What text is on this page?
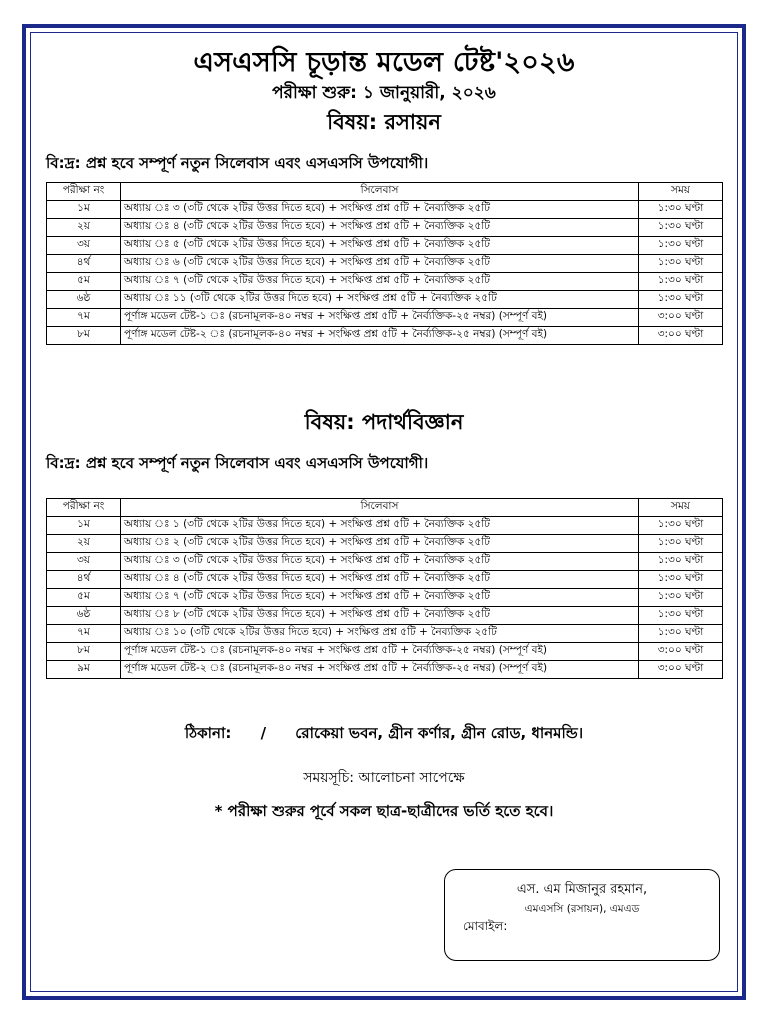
এসএসসি চূড়ান্ত মডেল টেষ্ট'২০২৬
পরীক্ষা শুরু: ১ জানুয়ারী, ২০২৬
বিষয়: রসায়ন
বি:দ্র: প্রশ্ন হবে সম্পূর্ণ নতুন সিলেবাস এবং এসএসসি উপযোগী।
পরীক্ষা নং	সিলেবাস	সময়
১ম	অধ্যায় ঃ ৩ (৩টি থেকে ২টির উত্তর দিতে হবে) + সংক্ষিপ্ত প্রশ্ন ৫টি + নৈব্যক্তিক ২৫টি	১:৩০ ঘণ্টা
২য়	অধ্যায় ঃ ৪ (৩টি থেকে ২টির উত্তর দিতে হবে) + সংক্ষিপ্ত প্রশ্ন ৫টি + নৈব্যক্তিক ২৫টি	১:৩০ ঘণ্টা
৩য়	অধ্যায় ঃ ৫ (৩টি থেকে ২টির উত্তর দিতে হবে) + সংক্ষিপ্ত প্রশ্ন ৫টি + নৈব্যক্তিক ২৫টি	১:৩০ ঘণ্টা
৪র্থ	অধ্যায় ঃ ৬ (৩টি থেকে ২টির উত্তর দিতে হবে) + সংক্ষিপ্ত প্রশ্ন ৫টি + নৈব্যক্তিক ২৫টি	১:৩০ ঘণ্টা
৫ম	অধ্যায় ঃ ৭ (৩টি থেকে ২টির উত্তর দিতে হবে) + সংক্ষিপ্ত প্রশ্ন ৫টি + নৈব্যক্তিক ২৫টি	১:৩০ ঘণ্টা
৬ষ্ঠ	অধ্যায় ঃ ১১ (৩টি থেকে ২টির উত্তর দিতে হবে) + সংক্ষিপ্ত প্রশ্ন ৫টি + নৈব্যক্তিক ২৫টি	১:৩০ ঘণ্টা
৭ম	পূর্ণাঙ্গ মডেল টেষ্ট-১ ঃ (রচনামূলক-৪০ নম্বর + সংক্ষিপ্ত প্রশ্ন ৫টি + নৈর্ব্যক্তিক-২৫ নম্বর) (সম্পূর্ণ বই)	৩:০০ ঘণ্টা
৮ম	পূর্ণাঙ্গ মডেল টেষ্ট-২ ঃ (রচনামূলক-৪০ নম্বর + সংক্ষিপ্ত প্রশ্ন ৫টি + নৈর্ব্যক্তিক-২৫ নম্বর) (সম্পূর্ণ বই)	৩:০০ ঘণ্টা
বিষয়: পদার্থবিজ্ঞান
বি:দ্র: প্রশ্ন হবে সম্পূর্ণ নতুন সিলেবাস এবং এসএসসি উপযোগী।
পরীক্ষা নং	সিলেবাস	সময়
১ম	অধ্যায় ঃ ১ (৩টি থেকে ২টির উত্তর দিতে হবে) + সংক্ষিপ্ত প্রশ্ন ৫টি + নৈব্যক্তিক ২৫টি	১:৩০ ঘণ্টা
২য়	অধ্যায় ঃ ২ (৩টি থেকে ২টির উত্তর দিতে হবে) + সংক্ষিপ্ত প্রশ্ন ৫টি + নৈব্যক্তিক ২৫টি	১:৩০ ঘণ্টা
৩য়	অধ্যায় ঃ ৩ (৩টি থেকে ২টির উত্তর দিতে হবে) + সংক্ষিপ্ত প্রশ্ন ৫টি + নৈব্যক্তিক ২৫টি	১:৩০ ঘণ্টা
৪র্থ	অধ্যায় ঃ ৪ (৩টি থেকে ২টির উত্তর দিতে হবে) + সংক্ষিপ্ত প্রশ্ন ৫টি + নৈব্যক্তিক ২৫টি	১:৩০ ঘণ্টা
৫ম	অধ্যায় ঃ ৭ (৩টি থেকে ২টির উত্তর দিতে হবে) + সংক্ষিপ্ত প্রশ্ন ৫টি + নৈব্যক্তিক ২৫টি	১:৩০ ঘণ্টা
৬ষ্ঠ	অধ্যায় ঃ ৮ (৩টি থেকে ২টির উত্তর দিতে হবে) + সংক্ষিপ্ত প্রশ্ন ৫টি + নৈব্যক্তিক ২৫টি	১:৩০ ঘণ্টা
৭ম	অধ্যায় ঃ ১০ (৩টি থেকে ২টির উত্তর দিতে হবে) + সংক্ষিপ্ত প্রশ্ন ৫টি + নৈব্যক্তিক ২৫টি	১:৩০ ঘণ্টা
৮ম	পূর্ণাঙ্গ মডেল টেষ্ট-১ ঃ (রচনামূলক-৪০ নম্বর + সংক্ষিপ্ত প্রশ্ন ৫টি + নৈর্ব্যক্তিক-২৫ নম্বর) (সম্পূর্ণ বই)	৩:০০ ঘণ্টা
৯ম	পূর্ণাঙ্গ মডেল টেষ্ট-২ ঃ (রচনামূলক-৪০ নম্বর + সংক্ষিপ্ত প্রশ্ন ৫টি + নৈর্ব্যক্তিক-২৫ নম্বর) (সম্পূর্ণ বই)	৩:০০ ঘণ্টা
ঠিকানা: / রোকেয়া ভবন, গ্রীন কর্ণার, গ্রীন রোড, ধানমন্ডি।
সময়সূচি: আলোচনা সাপেক্ষে
* পরীক্ষা শুরুর পূর্বে সকল ছাত্র-ছাত্রীদের ভর্তি হতে হবে।
এস. এম মিজানুর রহমান,
এমএসসি (রসায়ন), এমএড
মোবাইল:
